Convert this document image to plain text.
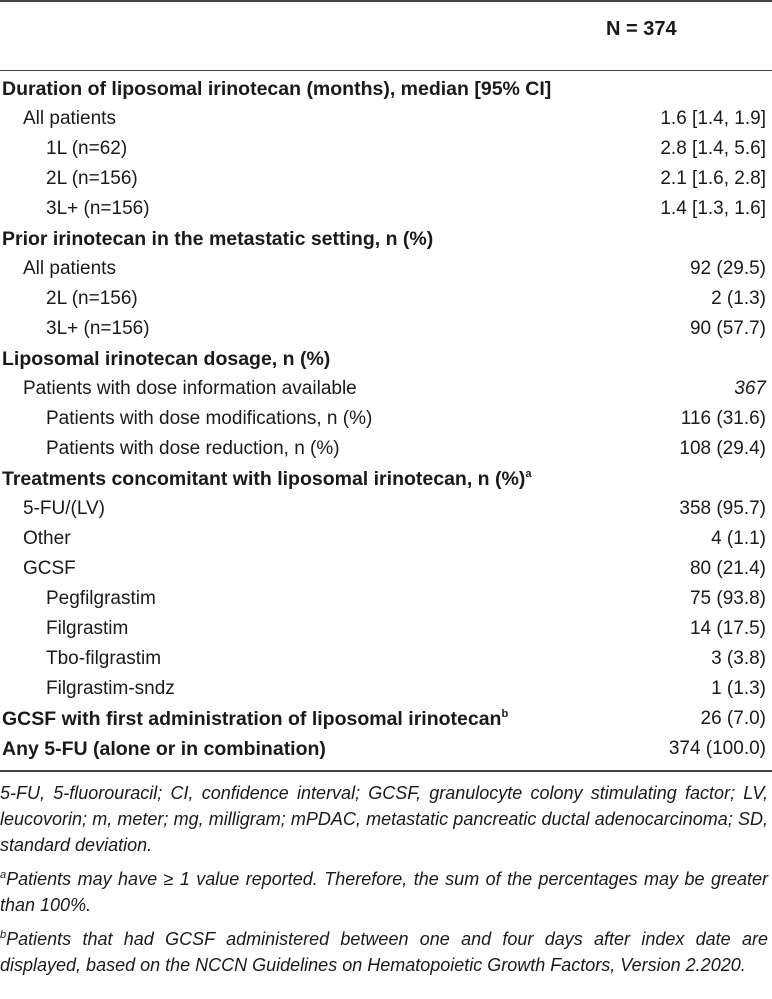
N = 374
Duration of liposomal irinotecan (months), median [95% CI]	
All patients	1.6 [1.4, 1.9]
1L (n=62)	2.8 [1.4, 5.6]
2L (n=156)	2.1 [1.6, 2.8]
3L+ (n=156)	1.4 [1.3, 1.6]
Prior irinotecan in the metastatic setting, n (%)	
All patients	92 (29.5)
2L (n=156)	2 (1.3)
3L+ (n=156)	90 (57.7)
Liposomal irinotecan dosage, n (%)	
Patients with dose information available	367
Patients with dose modifications, n (%)	116 (31.6)
Patients with dose reduction, n (%)	108 (29.4)
Treatments concomitant with liposomal irinotecan, n (%)$^a$	
5-FU/(LV)	358 (95.7)
Other	4 (1.1)
GCSF	80 (21.4)
Pegfilgrastim	75 (93.8)
Filgrastim	14 (17.5)
Tbo-filgrastim	3 (3.8)
Filgrastim-sndz	1 (1.3)
GCSF with first administration of liposomal irinotecan$^b$	26 (7.0)
Any 5-FU (alone or in combination)	374 (100.0)

5-FU, 5-fluorouracil; CI, confidence interval; GCSF, granulocyte colony stimulating factor; LV, leucovorin; m, meter; mg, milligram; mPDAC, metastatic pancreatic ductal adenocarcinoma; SD, standard deviation.

$^a$Patients may have ≥ 1 value reported. Therefore, the sum of the percentages may be greater than 100%.

$^b$Patients that had GCSF administered between one and four days after index date are displayed, based on the NCCN Guidelines on Hematopoietic Growth Factors, Version 2.2020.
